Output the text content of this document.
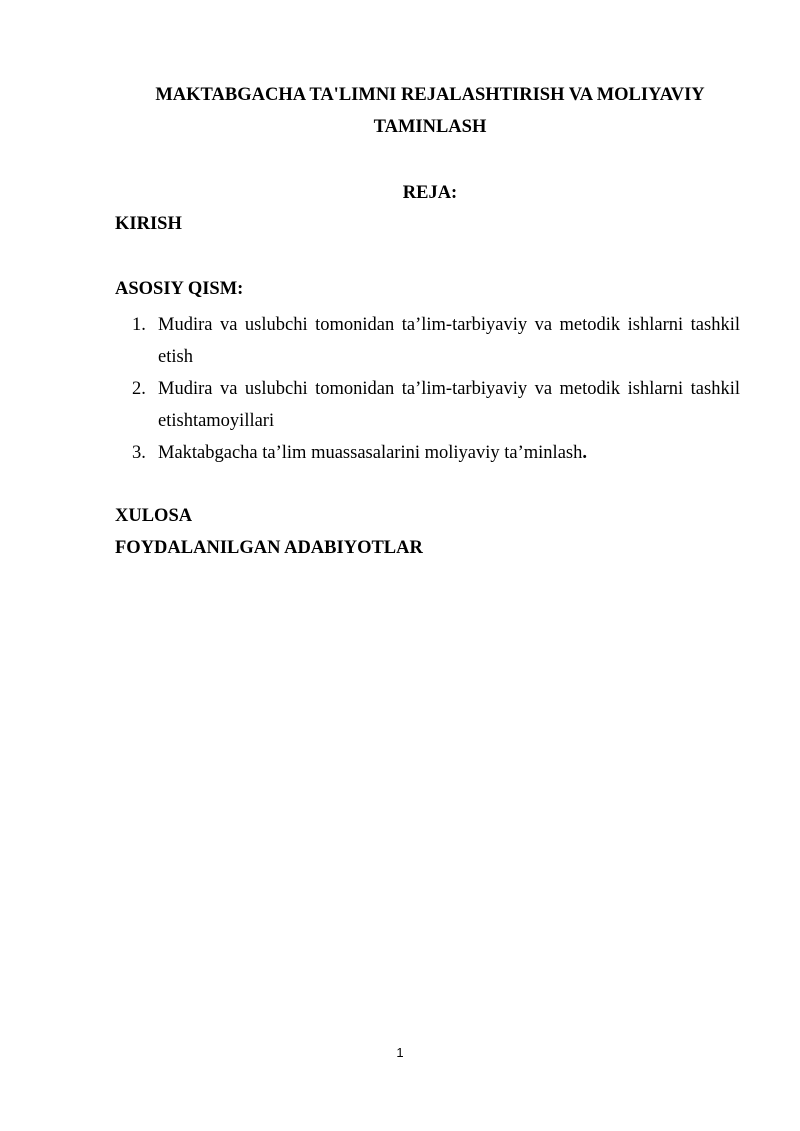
MAKTABGACHA TA'LIMNI REJALASHTIRISH VA MOLIYAVIY TAMINLASH
REJA:
KIRISH
ASOSIY QISM:
1. Mudira va uslubchi tomonidan ta’lim-tarbiyaviy va metodik ishlarni tashkil etish
2. Mudira va uslubchi tomonidan ta’lim-tarbiyaviy va metodik ishlarni tashkil etishtamoyillari
3. Maktabgacha ta’lim muassasalarini moliyaviy ta’minlash.
XULOSA
FOYDALANILGAN ADABIYOTLAR
1
